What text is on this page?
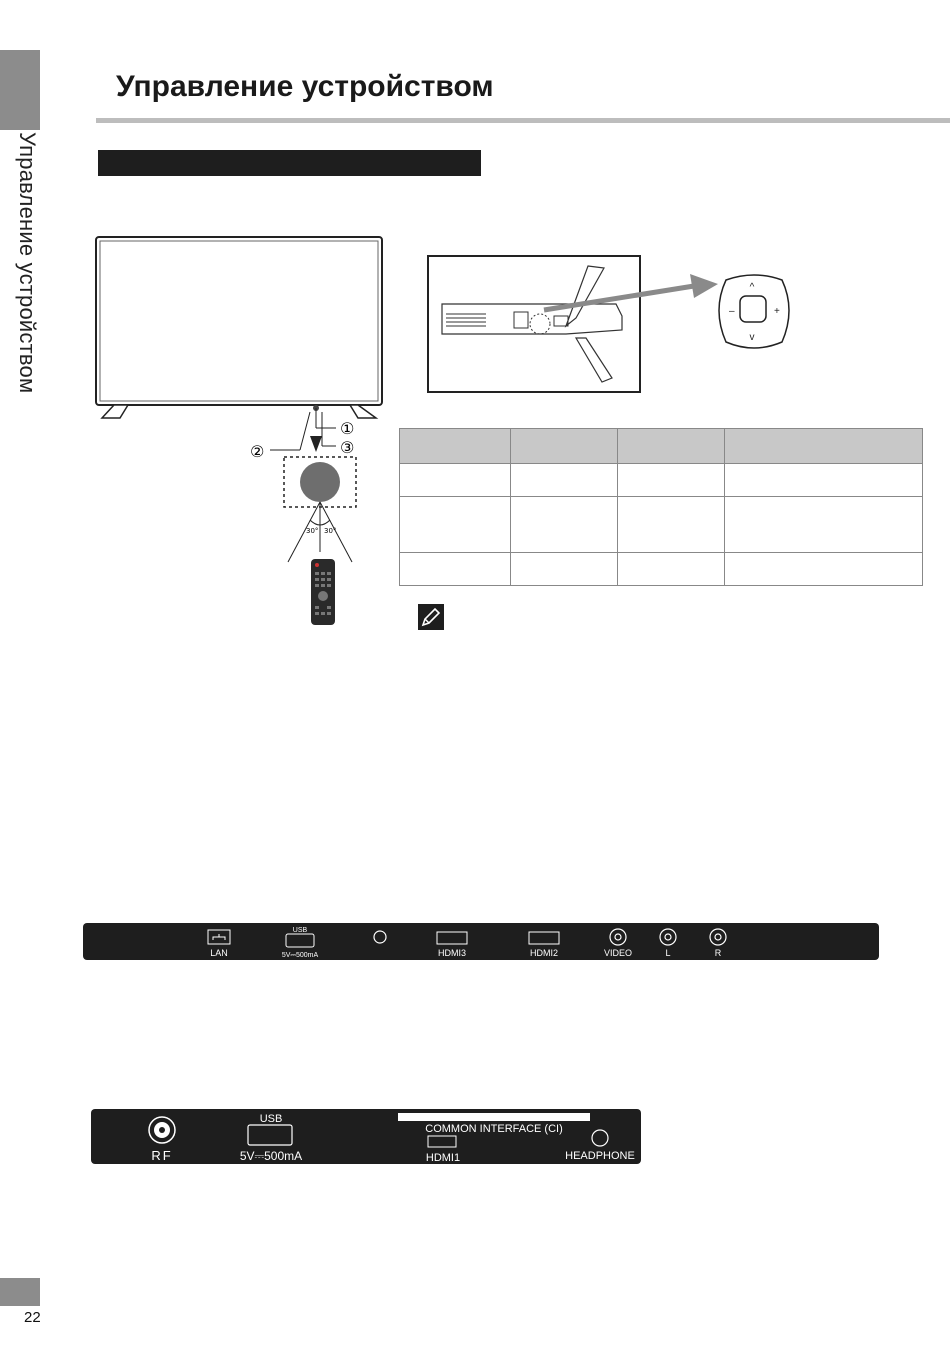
Управление устройством
Управление устройством
①
③
②
30° 30°
^
v
–	+

LAN
USB
5V⎓500mA	HDMI3	HDMI2	VIDEO	L	R
RF
USB
5V⎓500mA
COMMON INTERFACE (CI)
HDMI1	HEADPHONE
22
